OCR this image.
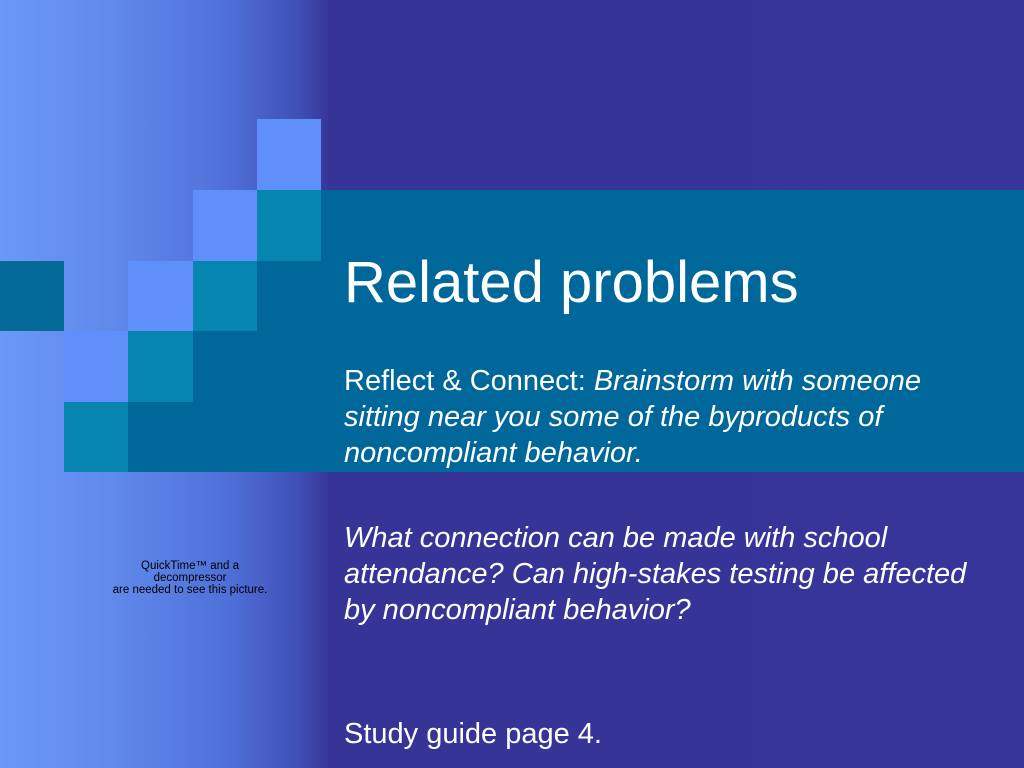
Related problems

Reflect & Connect: Brainstorm with someone sitting near you some of the byproducts of noncompliant behavior.

What connection can be made with school attendance? Can high-stakes testing be affected by noncompliant behavior?

Study guide page 4.

QuickTime™ and a
decompressor
are needed to see this picture.
